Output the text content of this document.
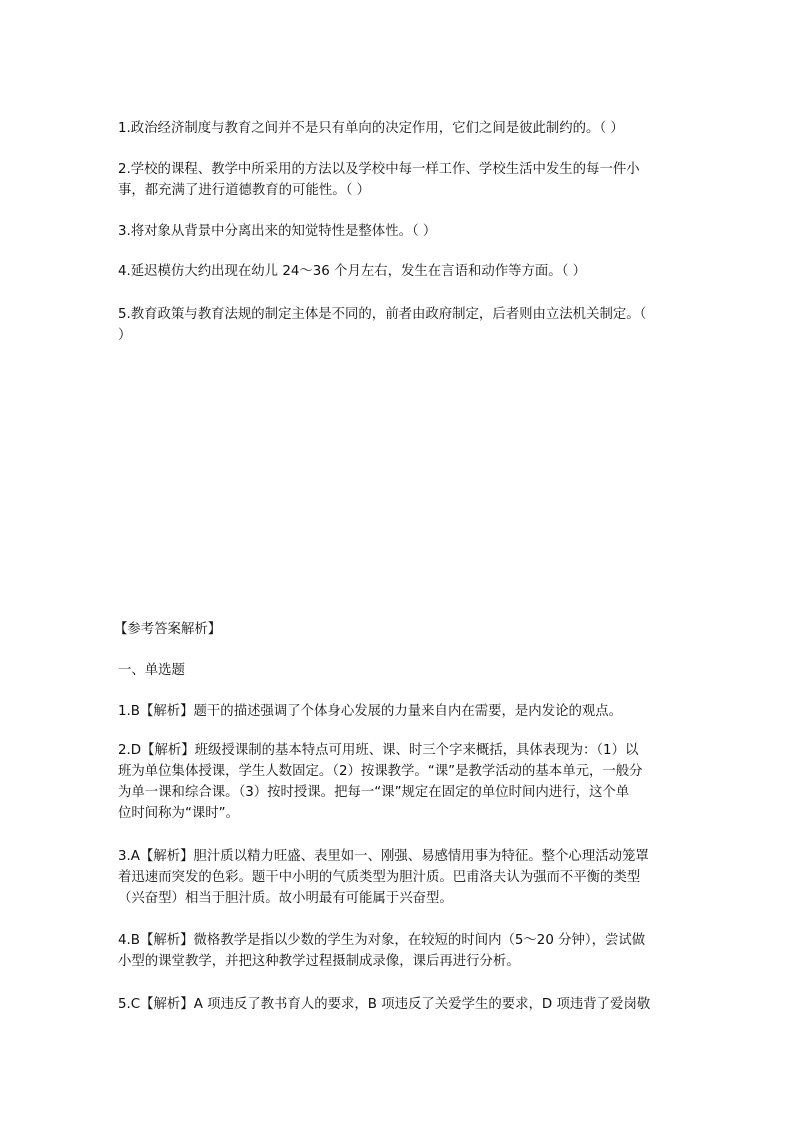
1.政治经济制度与教育之间并不是只有单向的决定作用，它们之间是彼此制约的。（ ）
2.学校的课程、教学中所采用的方法以及学校中每一样工作、学校生活中发生的每一件小
事，都充满了进行道德教育的可能性。（ ）
3.将对象从背景中分离出来的知觉特性是整体性。（ ）
4.延迟模仿大约出现在幼儿 24～36 个月左右，发生在言语和动作等方面。（ ）
5.教育政策与教育法规的制定主体是不同的，前者由政府制定，后者则由立法机关制定。（
）
【参考答案解析】
一、单选题
1.B【解析】题干的描述强调了个体身心发展的力量来自内在需要，是内发论的观点。
2.D【解析】班级授课制的基本特点可用班、课、时三个字来概括，具体表现为：（1）以
班为单位集体授课，学生人数固定。（2）按课教学。“课”是教学活动的基本单元，一般分
为单一课和综合课。（3）按时授课。把每一“课”规定在固定的单位时间内进行，这个单
位时间称为“课时”。
3.A【解析】胆汁质以精力旺盛、表里如一、刚强、易感情用事为特征。整个心理活动笼罩
着迅速而突发的色彩。题干中小明的气质类型为胆汁质。巴甫洛夫认为强而不平衡的类型
（兴奋型）相当于胆汁质。故小明最有可能属于兴奋型。
4.B【解析】微格教学是指以少数的学生为对象，在较短的时间内（5～20 分钟），尝试做
小型的课堂教学，并把这种教学过程摄制成录像，课后再进行分析。
5.C【解析】A 项违反了教书育人的要求，B 项违反了关爱学生的要求，D 项违背了爱岗敬
